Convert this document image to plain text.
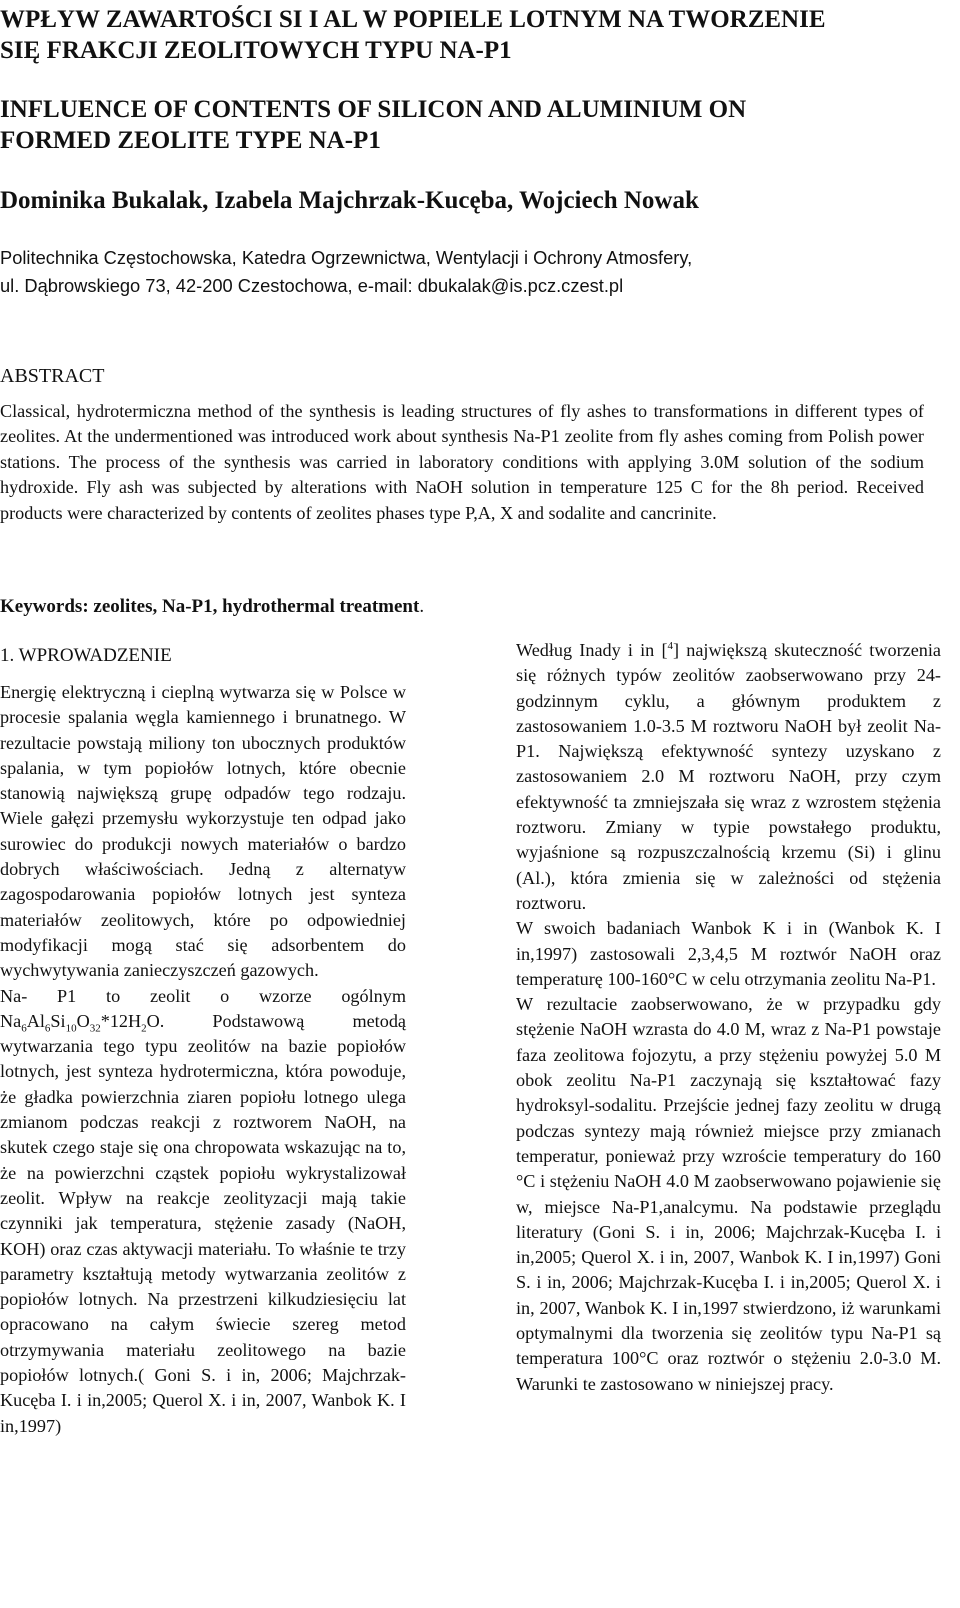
WPŁYW ZAWARTOŚCI SI I AL W POPIELE LOTNYM NA TWORZENIE
SIĘ FRAKCJI ZEOLITOWYCH TYPU NA-P1
INFLUENCE OF CONTENTS OF SILICON AND ALUMINIUM ON
FORMED ZEOLITE TYPE NA-P1
Dominika Bukalak, Izabela Majchrzak-Kucęba, Wojciech Nowak
Politechnika Częstochowska, Katedra Ogrzewnictwa, Wentylacji i Ochrony Atmosfery,
ul. Dąbrowskiego 73, 42-200 Czestochowa, e-mail: dbukalak@is.pcz.czest.pl
ABSTRACT

Classical, hydrotermiczna method of the synthesis is leading structures of fly ashes to transformations in different types of zeolites. At the undermentioned was introduced work about synthesis Na-P1 zeolite from fly ashes coming from Polish power stations. The process of the synthesis was carried in laboratory conditions with applying 3.0M solution of the sodium hydroxide. Fly ash was subjected by alterations with NaOH solution in temperature 125 C for the 8h period. Received products were characterized by contents of zeolites phases type P,A, X and sodalite and cancrinite.

Keywords: zeolites, Na-P1, hydrothermal treatment.

1. WPROWADZENIE

Energię elektryczną i cieplną wytwarza się w Polsce w procesie spalania węgla kamiennego i brunatnego. W rezultacie powstają miliony ton ubocznych produktów spalania, w tym popiołów lotnych, które obecnie stanowią największą grupę odpadów tego rodzaju. Wiele gałęzi przemysłu wykorzystuje ten odpad jako surowiec do produkcji nowych materiałów o bardzo dobrych właściwościach. Jedną z alternatyw zagospodarowania popiołów lotnych jest synteza materiałów zeolitowych, które po odpowiedniej modyfikacji mogą stać się adsorbentem do wychwytywania zanieczyszczeń gazowych.

Na- P1 to zeolit o wzorze ogólnym $Na_6Al_6Si_{10}O_{32}*12H_2O$. Podstawową metodą wytwarzania tego typu zeolitów na bazie popiołów lotnych, jest synteza hydrotermiczna, która powoduje, że gładka powierzchnia ziaren popiołu lotnego ulega zmianom podczas reakcji z roztworem NaOH, na skutek czego staje się ona chropowata wskazując na to, że na powierzchni cząstek popiołu wykrystalizował zeolit. Wpływ na reakcje zeolityzacji mają takie czynniki jak temperatura, stężenie zasady (NaOH, KOH) oraz czas aktywacji materiału. To właśnie te trzy parametry kształtują metody wytwarzania zeolitów z popiołów lotnych. Na przestrzeni kilkudziesięciu lat opracowano na całym świecie szereg metod otrzymywania materiału zeolitowego na bazie popiołów lotnych.( Goni S. i in, 2006; Majchrzak-Kucęba I. i in,2005; Querol X. i in, 2007, Wanbok K. I in,1997)

Według Inady i in [$^4$] największą skuteczność tworzenia się różnych typów zeolitów zaobserwowano przy 24- godzinnym cyklu, a głównym produktem z zastosowaniem 1.0-3.5 M roztworu NaOH był zeolit Na-P1. Największą efektywność syntezy uzyskano z zastosowaniem 2.0 M roztworu NaOH, przy czym efektywność ta zmniejszała się wraz z wzrostem stężenia roztworu. Zmiany w typie powstałego produktu, wyjaśnione są rozpuszczalnością krzemu (Si) i glinu (Al.), która zmienia się w zależności od stężenia roztworu.

W swoich badaniach Wanbok K i in (Wanbok K. I in,1997) zastosowali 2,3,4,5 M roztwór NaOH oraz temperaturę 100-160°C w celu otrzymania zeolitu Na-P1.

W rezultacie zaobserwowano, że w przypadku gdy stężenie NaOH wzrasta do 4.0 M, wraz z Na-P1 powstaje faza zeolitowa fojozytu, a przy stężeniu powyżej 5.0 M obok zeolitu Na-P1 zaczynają się kształtować fazy hydroksyl-sodalitu. Przejście jednej fazy zeolitu w drugą podczas syntezy mają również miejsce przy zmianach temperatur, ponieważ przy wzroście temperatury do 160 °C i stężeniu NaOH 4.0 M zaobserwowano pojawienie się w, miejsce Na-P1,analcymu. Na podstawie przeglądu literatury (Goni S. i in, 2006; Majchrzak-Kucęba I. i in,2005; Querol X. i in, 2007, Wanbok K. I in,1997) Goni S. i in, 2006; Majchrzak-Kucęba I. i in,2005; Querol X. i in, 2007, Wanbok K. I in,1997 stwierdzono, iż warunkami optymalnymi dla tworzenia się zeolitów typu Na-P1 są temperatura 100°C oraz roztwór o stężeniu 2.0-3.0 M. Warunki te zastosowano w niniejszej pracy.
